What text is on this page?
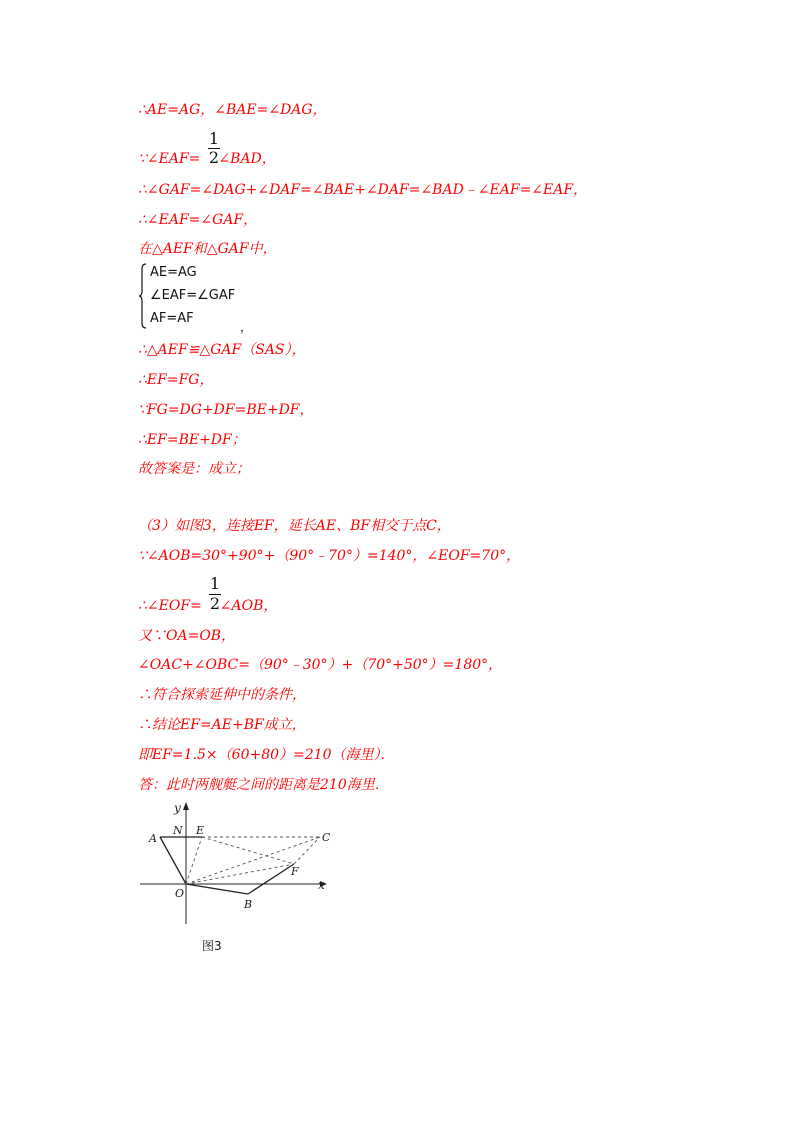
∴AE=AG，∠BAE=∠DAG，
∵∠EAF= ∠BAD，
1
2
∴∠GAF=∠DAG+∠DAF=∠BAE+∠DAF=∠BAD﹣∠EAF=∠EAF，
∴∠EAF=∠GAF，
在△AEF和△GAF中，
AE=AG
∠EAF=∠GAF
AF=AF
，
∴△AEF≌△GAF（SAS），
∴EF=FG，
∵FG=DG+DF=BE+DF，
∴EF=BE+DF；
故答案是：成立；
（3）如图3，连接EF，延长AE、BF相交于点C，
∵∠AOB=30°+90°+（90°﹣70°）=140°，∠EOF=70°，
∴∠EOF= ∠AOB，
1
2
又∵OA=OB，
∠OAC+∠OBC=（90°﹣30°）+（70°+50°）=180°，
∴符合探索延伸中的条件，
∴结论EF=AE+BF成立，
即EF=1.5×（60+80）=210（海里）．
答：此时两舰艇之间的距离是210海里．
y
x
N E
A	C
F
O
B
图3
